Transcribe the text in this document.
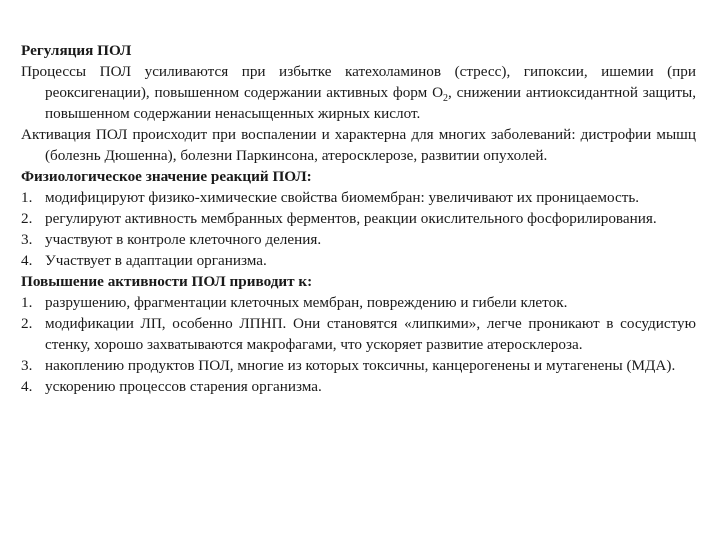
Регуляция ПОЛ
Процессы ПОЛ усиливаются при избытке катехоламинов (стресс), гипоксии, ишемии (при реоксигенации), повышенном содержании активных форм $О_2$, снижении антиоксидантной защиты, повышенном содержании ненасыщенных жирных кислот.
Активация ПОЛ происходит при воспалении и характерна для многих заболеваний: дистрофии мышц (болезнь Дюшенна), болезни Паркинсона, атеросклерозе, развитии опухолей.
Физиологическое значение реакций ПОЛ:
1. модифицируют физико-химические свойства биомембран: увеличивают их проницаемость.
2. регулируют активность мембранных ферментов, реакции окислительного фосфорилирования.
3. участвуют в контроле клеточного деления.
4. Участвует в адаптации организма.
Повышение активности ПОЛ приводит к:
1. разрушению, фрагментации клеточных мембран, повреждению и гибели клеток.
2. модификации ЛП, особенно ЛПНП. Они становятся «липкими», легче проникают в сосудистую стенку, хорошо захватываются макрофагами, что ускоряет развитие атеросклероза.
3. накоплению продуктов ПОЛ, многие из которых токсичны, канцерогенены и мутагенены (МДА).
4. ускорению процессов старения организма.
